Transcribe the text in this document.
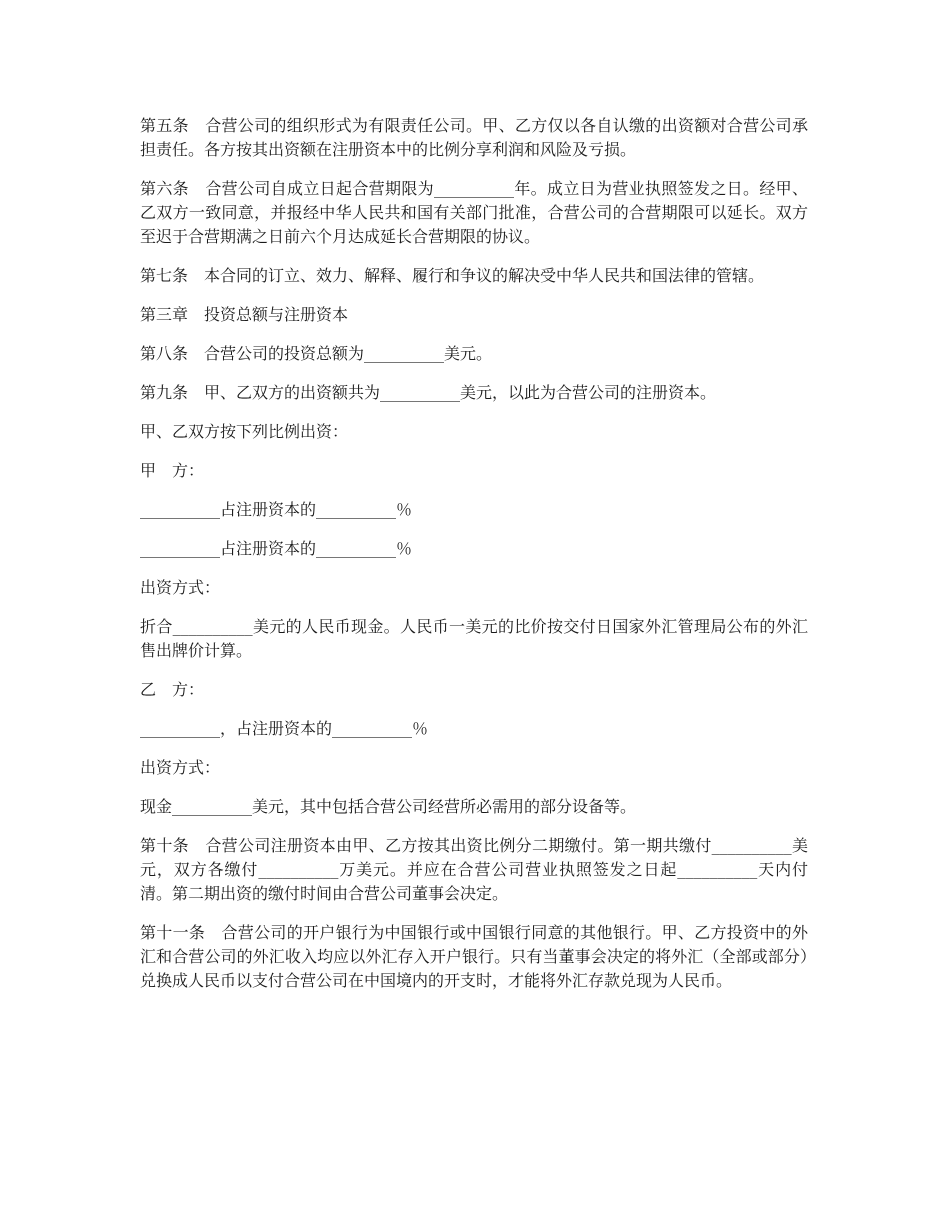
第五条　合营公司的组织形式为有限责任公司。甲、乙方仅以各自认缴的出资额对合营公司承担责任。各方按其出资额在注册资本中的比例分享利润和风险及亏损。

第六条　合营公司自成立日起合营期限为__________年。成立日为营业执照签发之日。经甲、乙双方一致同意，并报经中华人民共和国有关部门批准，合营公司的合营期限可以延长。双方至迟于合营期满之日前六个月达成延长合营期限的协议。

第七条　本合同的订立、效力、解释、履行和争议的解决受中华人民共和国法律的管辖。

第三章　投资总额与注册资本

第八条　合营公司的投资总额为__________美元。

第九条　甲、乙双方的出资额共为__________美元，以此为合营公司的注册资本。

甲、乙双方按下列比例出资：

甲　方：

__________占注册资本的__________％

__________占注册资本的__________％

出资方式：

折合__________美元的人民币现金。人民币一美元的比价按交付日国家外汇管理局公布的外汇售出牌价计算。

乙　方：

__________，占注册资本的__________％

出资方式：

现金__________美元，其中包括合营公司经营所必需用的部分设备等。

第十条　合营公司注册资本由甲、乙方按其出资比例分二期缴付。第一期共缴付__________美元，双方各缴付__________万美元。并应在合营公司营业执照签发之日起__________天内付清。第二期出资的缴付时间由合营公司董事会决定。

第十一条　合营公司的开户银行为中国银行或中国银行同意的其他银行。甲、乙方投资中的外汇和合营公司的外汇收入均应以外汇存入开户银行。只有当董事会决定的将外汇（全部或部分）兑换成人民币以支付合营公司在中国境内的开支时，才能将外汇存款兑现为人民币。
